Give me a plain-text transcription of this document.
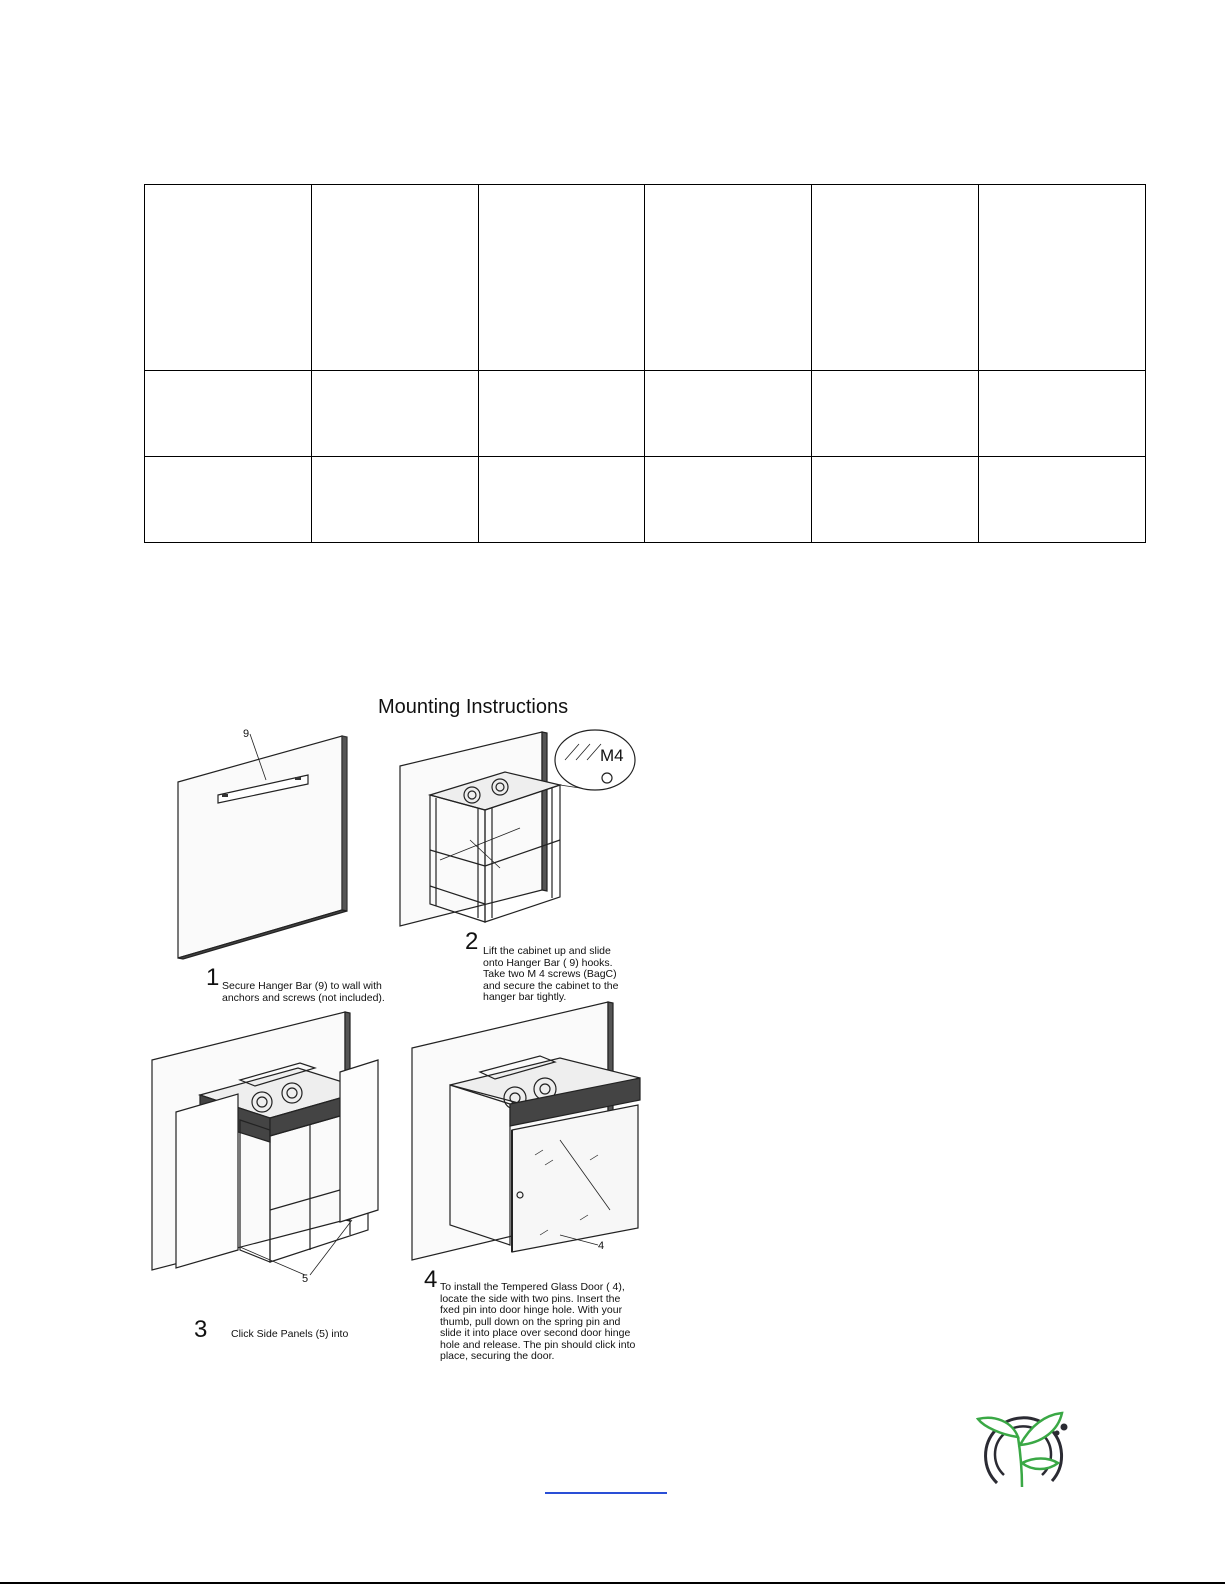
Mounting Instructions
9
M4
5
4
1 Secure Hanger Bar (9) to wall with anchors and screws (not included).
2 Lift the cabinet up and slide onto Hanger Bar ( 9) hooks. Take two M 4 screws (BagC) and secure the cabinet to the hanger bar tightly.
3 Click Side Panels (5) into
4 To install the Tempered Glass Door ( 4), locate the side with two pins. Insert the fxed pin into door hinge hole. With your thumb, pull down on the spring pin and slide it into place over second door hinge hole and release. The pin should click into place, securing the door.
